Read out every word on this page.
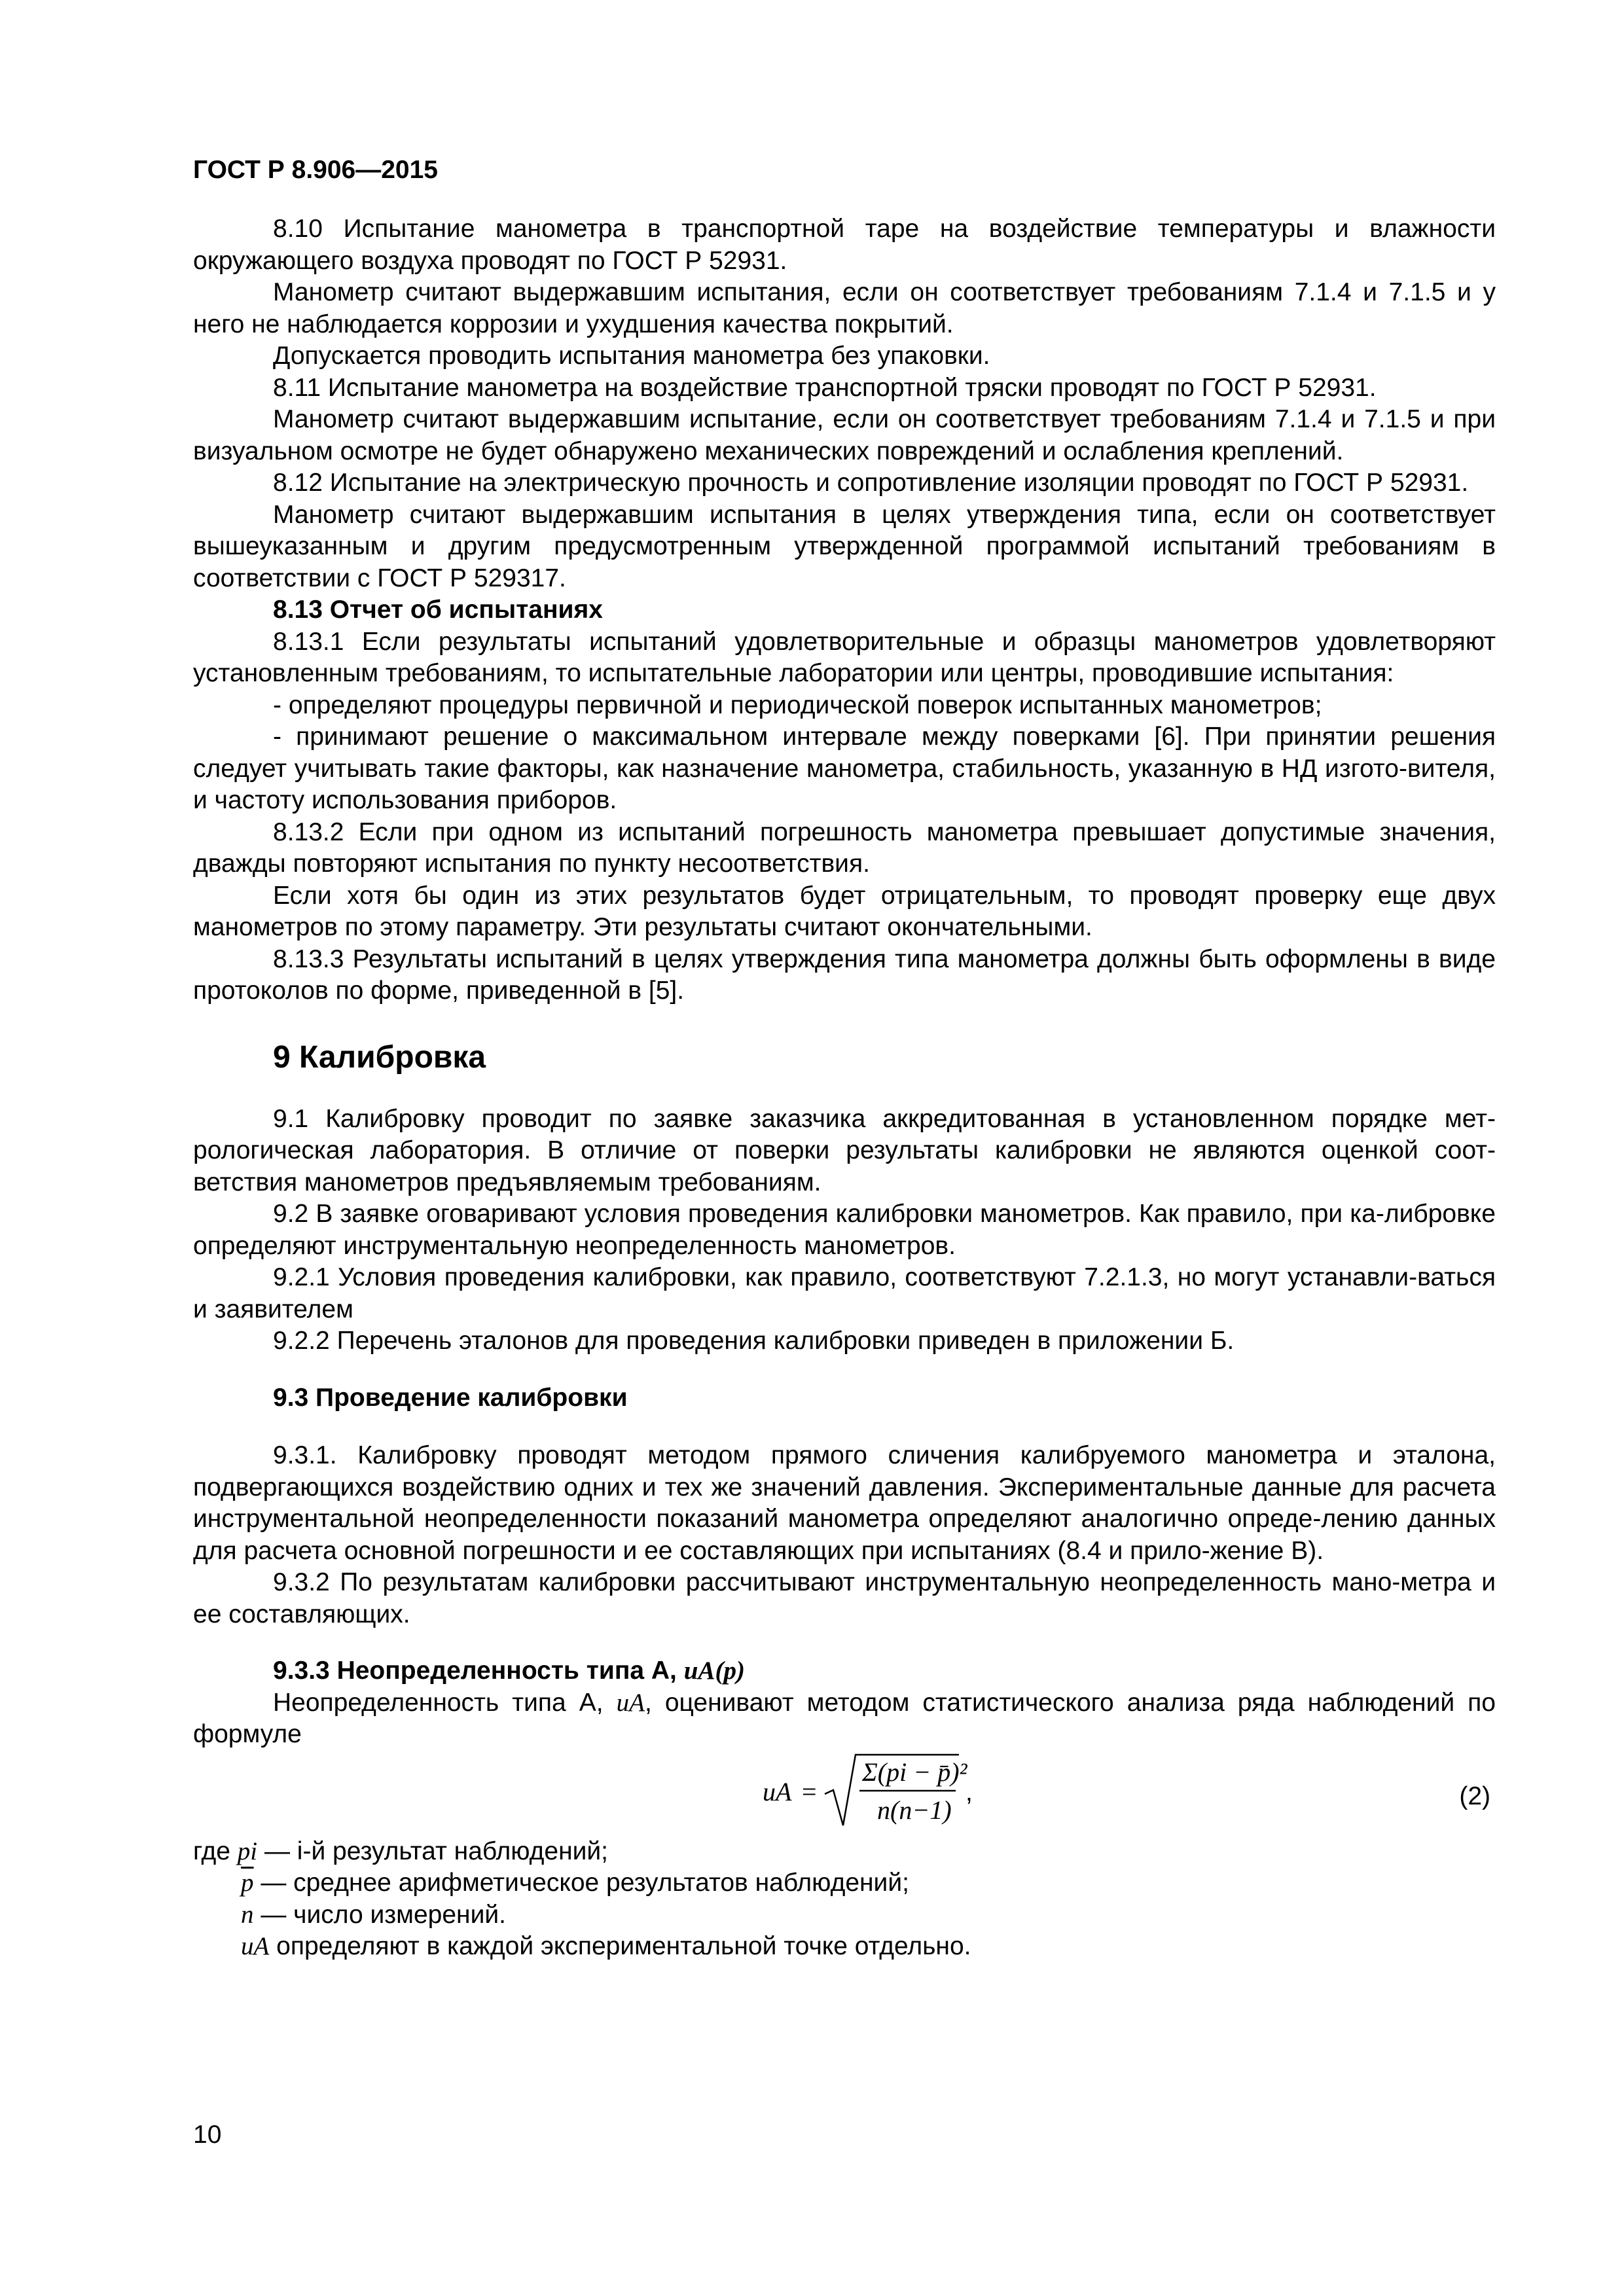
ГОСТ Р 8.906—2015

8.10 Испытание манометра в транспортной таре на воздействие температуры и влажности окружающего воздуха проводят по ГОСТ Р 52931.

Манометр считают выдержавшим испытания, если он соответствует требованиям 7.1.4 и 7.1.5 и у него не наблюдается коррозии и ухудшения качества покрытий.

Допускается проводить испытания манометра без упаковки.

8.11 Испытание манометра на воздействие транспортной тряски проводят по ГОСТ Р 52931.

Манометр считают выдержавшим испытание, если он соответствует требованиям 7.1.4 и 7.1.5 и при визуальном осмотре не будет обнаружено механических повреждений и ослабления креплений.

8.12 Испытание на электрическую прочность и сопротивление изоляции проводят по ГОСТ Р 52931.

Манометр считают выдержавшим испытания в целях утверждения типа, если он соответствует вышеуказанным и другим предусмотренным утвержденной программой испытаний требованиям в соответствии с ГОСТ Р 529317.

8.13 Отчет об испытаниях

8.13.1 Если результаты испытаний удовлетворительные и образцы манометров удовлетворяют установленным требованиям, то испытательные лаборатории или центры, проводившие испытания:

- определяют процедуры первичной и периодической поверок испытанных манометров;

- принимают решение о максимальном интервале между поверками [6]. При принятии решения следует учитывать такие факторы, как назначение манометра, стабильность, указанную в НД изгото-вителя, и частоту использования приборов.

8.13.2 Если при одном из испытаний погрешность манометра превышает допустимые значения, дважды повторяют испытания по пункту несоответствия.

Если хотя бы один из этих результатов будет отрицательным, то проводят проверку еще двух манометров по этому параметру. Эти результаты считают окончательными.

8.13.3 Результаты испытаний в целях утверждения типа манометра должны быть оформлены в виде протоколов по форме, приведенной в [5].

9 Калибровка

9.1 Калибровку проводит по заявке заказчика аккредитованная в установленном порядке мет-рологическая лаборатория. В отличие от поверки результаты калибровки не являются оценкой соот-ветствия манометров предъявляемым требованиям.

9.2 В заявке оговаривают условия проведения калибровки манометров. Как правило, при ка-либровке определяют инструментальную неопределенность манометров.

9.2.1 Условия проведения калибровки, как правило, соответствуют 7.2.1.3, но могут устанавли-ваться и заявителем

9.2.2 Перечень эталонов для проведения калибровки приведен в приложении Б.

9.3 Проведение калибровки

9.3.1. Калибровку проводят методом прямого сличения калибруемого манометра и эталона, подвергающихся воздействию одних и тех же значений давления. Экспериментальные данные для расчета инструментальной неопределенности показаний манометра определяют аналогично опреде-лению данных для расчета основной погрешности и ее составляющих при испытаниях (8.4 и прило-жение В).

9.3.2 По результатам калибровки рассчитывают инструментальную неопределенность мано-метра и ее составляющих.

9.3.3 Неопределенность типа А, uA(p)

Неопределенность типа А, uA, оценивают методом статистического анализа ряда наблюдений по формуле

uA =
Σ(pi − p̄)²
n(n−1)
,	(2)
где pi — i-й результат наблюдений;
$\overline{p}$ — среднее арифметическое результатов наблюдений;
n — число измерений.
uA определяют в каждой экспериментальной точке отдельно.
10
